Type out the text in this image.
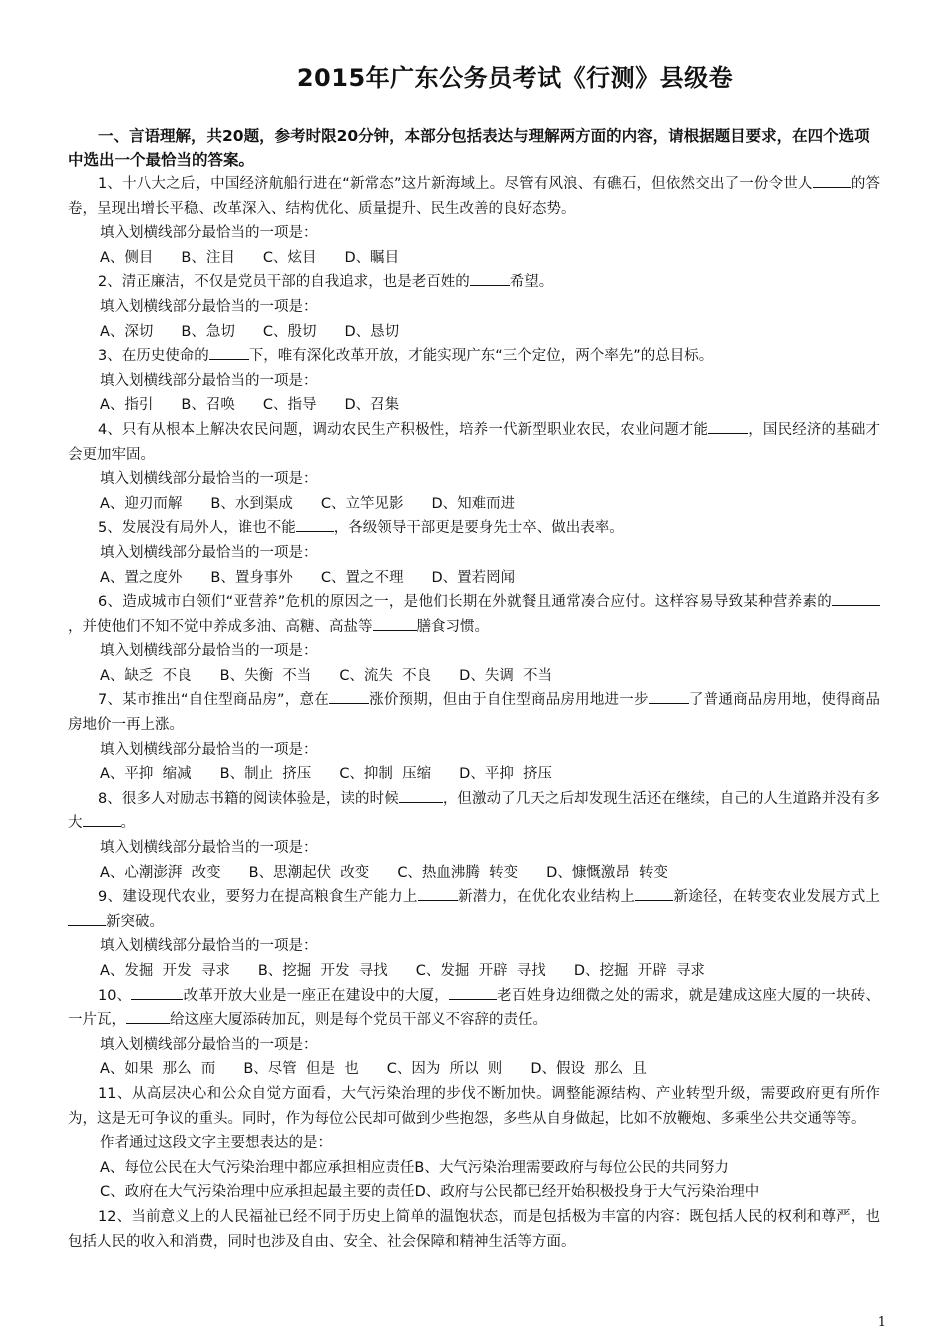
2015年广东公务员考试《行测》县级卷

一、言语理解，共20题，参考时限20分钟，本部分包括表达与理解两方面的内容，请根据题目要求，在四个选项中选出一个最恰当的答案。

1、十八大之后，中国经济航船行进在“新常态”这片新海域上。尽管有风浪、有礁石，但依然交出了一份令世人	的答卷，呈现出增长平稳、改革深入、结构优化、质量提升、民生改善的良好态势。

填入划横线部分最恰当的一项是：

A、侧目 B、注目 C、炫目 D、瞩目

2、清正廉洁，不仅是党员干部的自我追求，也是老百姓的	希望。

填入划横线部分最恰当的一项是：

A、深切 B、急切 C、殷切 D、恳切

3、在历史使命的	下，唯有深化改革开放，才能实现广东“三个定位，两个率先”的总目标。

填入划横线部分最恰当的一项是：

A、指引 B、召唤 C、指导 D、召集

4、只有从根本上解决农民问题，调动农民生产积极性，培养一代新型职业农民，农业问题才能	，国民经济的基础才会更加牢固。

填入划横线部分最恰当的一项是：

A、迎刃而解 B、水到渠成 C、立竿见影 D、知难而进

5、发展没有局外人，谁也不能	，各级领导干部更是要身先士卒、做出表率。

填入划横线部分最恰当的一项是：

A、置之度外 B、置身事外 C、置之不理 D、置若罔闻

6、造成城市白领们“亚营养”危机的原因之一，是他们长期在外就餐且通常凑合应付。这样容易导致某种营养素的，并使他们不知不觉中养成多油、高糖、高盐等	膳食习惯。

填入划横线部分最恰当的一项是：

A、缺乏  不良 B、失衡  不当 C、流失  不良 D、失调  不当

7、某市推出“自住型商品房”，意在	涨价预期，但由于自住型商品房用地进一步	了普通商品房用地，使得商品房地价一再上涨。

填入划横线部分最恰当的一项是：

A、平抑  缩减 B、制止  挤压 C、抑制  压缩 D、平抑  挤压

8、很多人对励志书籍的阅读体验是，读的时候	，但激动了几天之后却发现生活还在继续，自己的人生道路并没有多大	。

填入划横线部分最恰当的一项是：

A、心潮澎湃  改变 B、思潮起伏  改变 C、热血沸腾  转变 D、慷慨激昂  转变

9、建设现代农业，要努力在提高粮食生产能力上	新潜力，在优化农业结构上	新途径，在转变农业发展方式上新突破。

填入划横线部分最恰当的一项是：

A、发掘  开发  寻求 B、挖掘  开发  寻找 C、发掘  开辟  寻找 D、挖掘  开辟  寻求

10、	改革开放大业是一座正在建设中的大厦，	老百姓身边细微之处的需求，就是建成这座大厦的一块砖、一片瓦，	给这座大厦添砖加瓦，则是每个党员干部义不容辞的责任。

填入划横线部分最恰当的一项是：

A、如果  那么  而 B、尽管  但是  也 C、因为  所以  则 D、假设  那么  且

11、从高层决心和公众自觉方面看，大气污染治理的步伐不断加快。调整能源结构、产业转型升级，需要政府更有所作为，这是无可争议的重头。同时，作为每位公民却可做到少些抱怨，多些从自身做起，比如不放鞭炮、多乘坐公共交通等等。

作者通过这段文字主要想表达的是：

A、每位公民在大气污染治理中都应承担相应责任B、大气污染治理需要政府与每位公民的共同努力

C、政府在大气污染治理中应承担起最主要的责任D、政府与公民都已经开始积极投身于大气污染治理中

12、当前意义上的人民福祉已经不同于历史上简单的温饱状态，而是包括极为丰富的内容：既包括人民的权利和尊严，也包括人民的收入和消费，同时也涉及自由、安全、社会保障和精神生活等方面。

1
